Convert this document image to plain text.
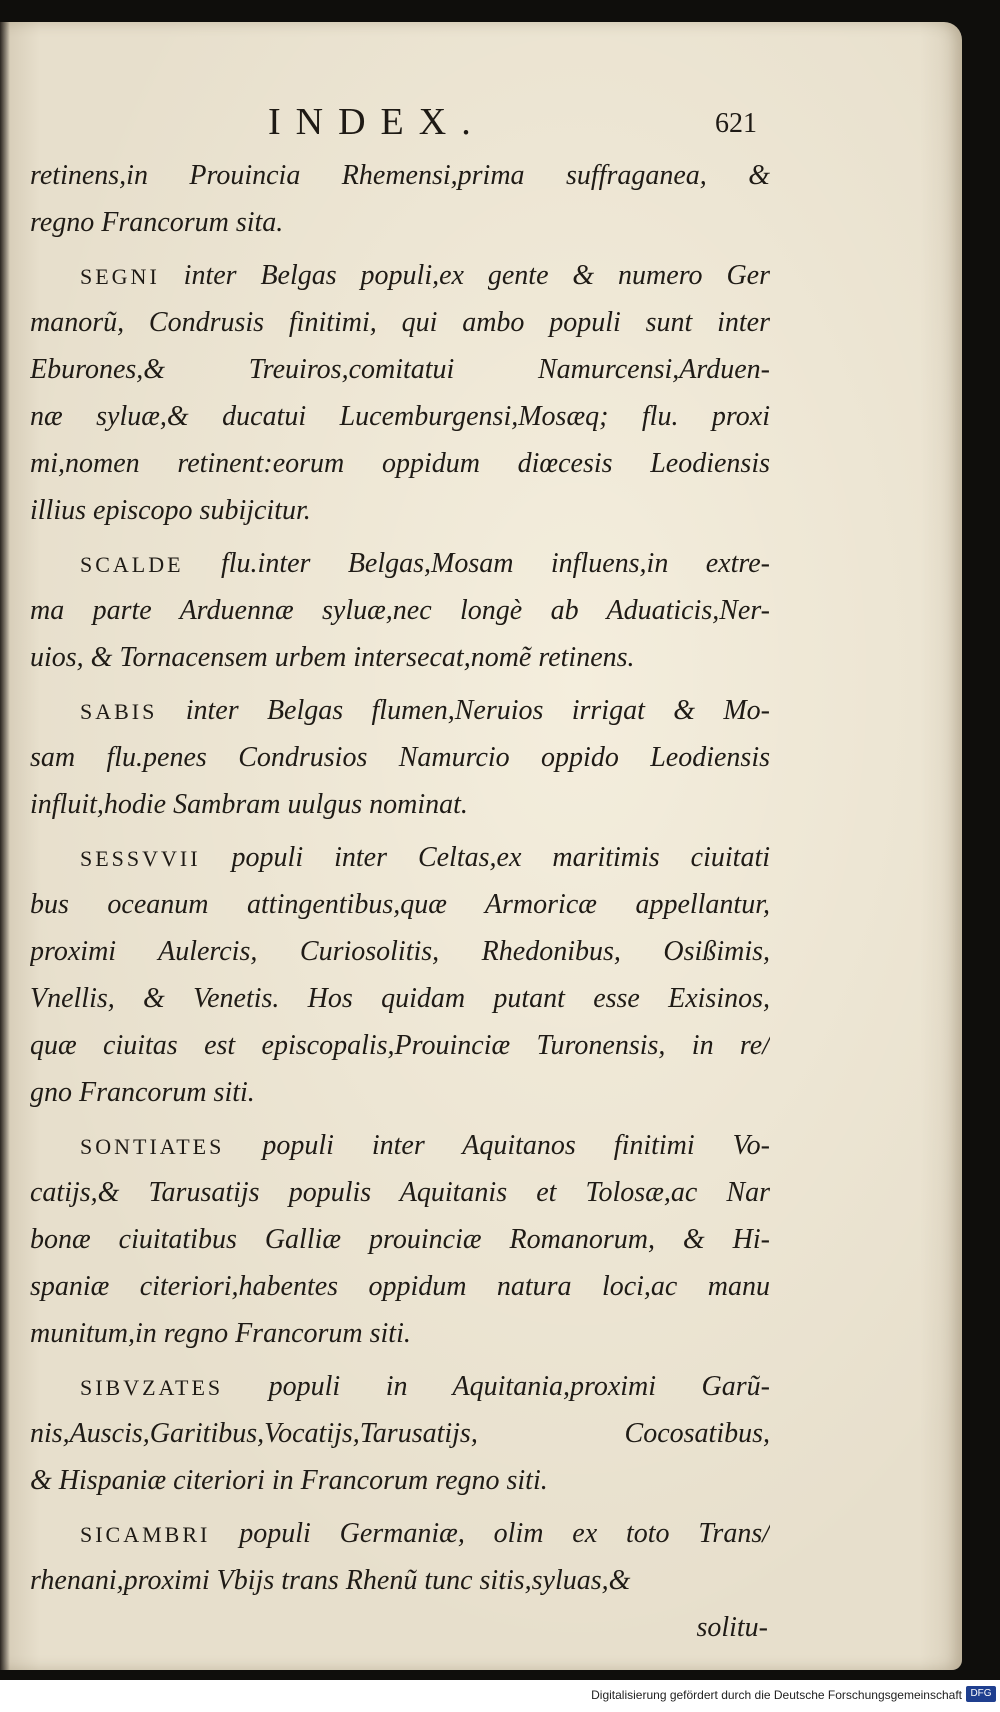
INDEX.	621
retinens,in Prouincia Rhemensi,prima suffraganea, &
regno Francorum sita.
SEGNI inter Belgas populi,ex gente & numero Ger
manorũ, Condrusis finitimi, qui ambo populi sunt inter
Eburones,& Treuiros,comitatui Namurcensi,Arduen-
næ syluæ,& ducatui Lucemburgensi,Mosæq; flu. proxi
mi,nomen retinent:eorum oppidum diœcesis Leodiensis
illius episcopo subijcitur.
SCALDE flu.inter Belgas,Mosam influens,in extre-
ma parte Arduennæ syluæ,nec longè ab Aduaticis,Ner-
uios, & Tornacensem urbem intersecat,nomẽ retinens.
SABIS inter Belgas flumen,Neruios irrigat & Mo-
sam flu.penes Condrusios Namurcio oppido Leodiensis
influit,hodie Sambram uulgus nominat.
SESSVVII populi inter Celtas,ex maritimis ciuitati
bus oceanum attingentibus,quæ Armoricæ appellantur,
proximi Aulercis, Curiosolitis, Rhedonibus, Osißimis,
Vnellis, & Venetis. Hos quidam putant esse Exisinos,
quæ ciuitas est episcopalis,Prouinciæ Turonensis, in re/
gno Francorum siti.
SONTIATES populi inter Aquitanos finitimi Vo-
catijs,& Tarusatijs populis Aquitanis et Tolosæ,ac Nar
bonæ ciuitatibus Galliæ prouinciæ Romanorum, & Hi-
spaniæ citeriori,habentes oppidum natura loci,ac manu
munitum,in regno Francorum siti.
SIBVZATES populi in Aquitania,proximi Garũ-
nis,Auscis,Garitibus,Vocatijs,Tarusatijs, Cocosatibus,
& Hispaniæ citeriori in Francorum regno siti.
SICAMBRI populi Germaniæ, olim ex toto Trans/
rhenani,proximi Vbijs trans Rhenũ tunc sitis,syluas,&
solitu-
Digitalisierung gefördert durch die Deutsche Forschungsgemeinschaft DFG
